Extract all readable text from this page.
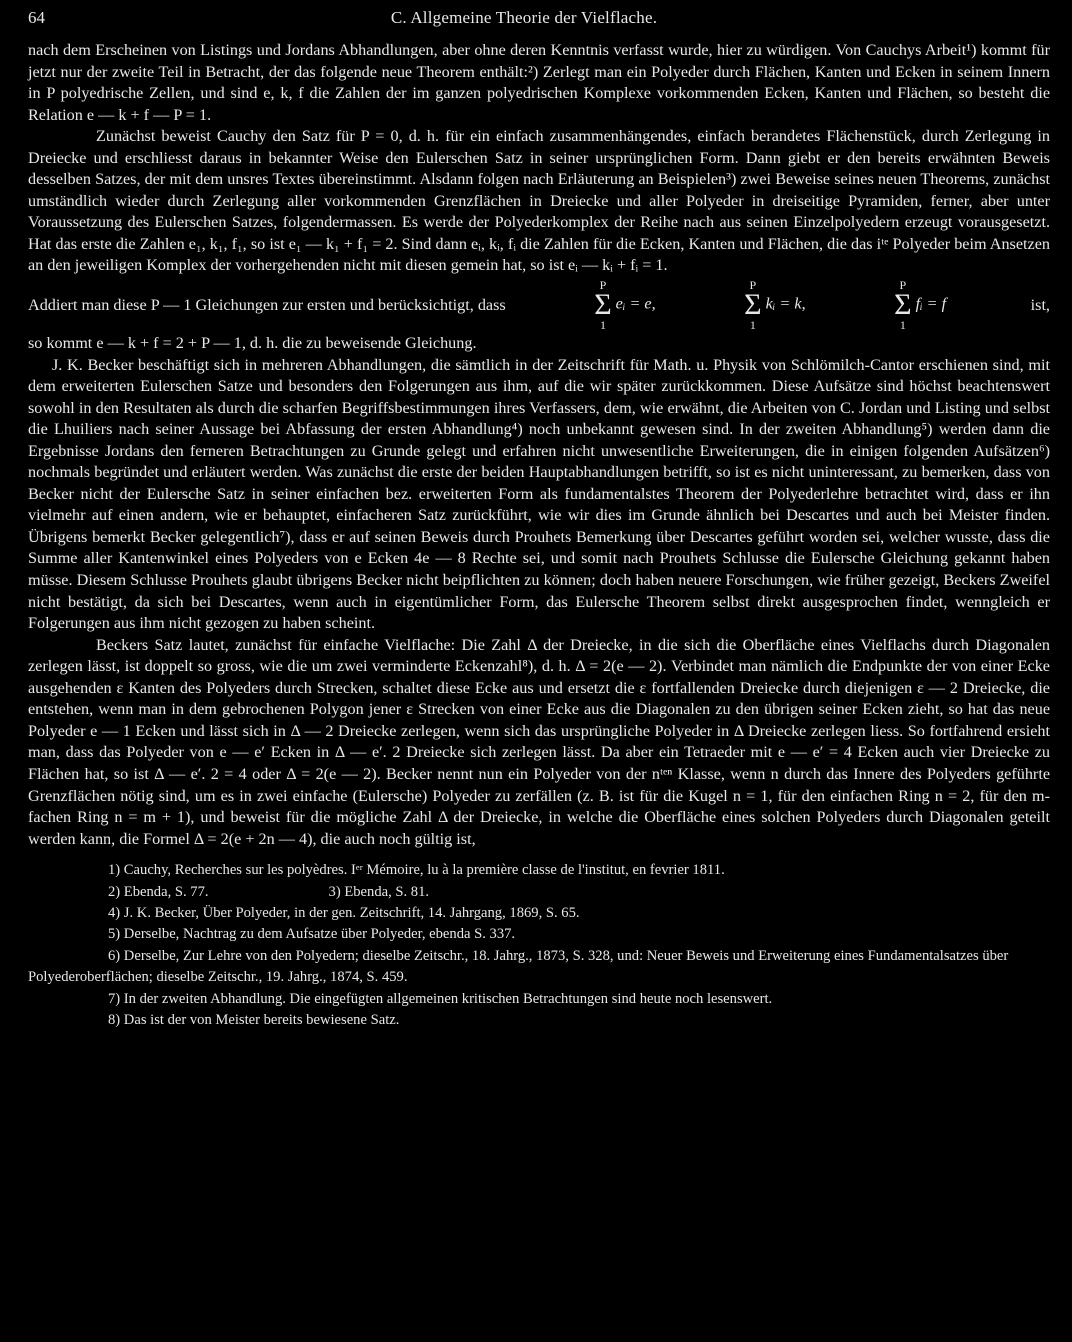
64	C. Allgemeine Theorie der Vielflache.

nach dem Erscheinen von Listings und Jordans Abhandlungen, aber ohne deren Kenntnis verfasst wurde, hier zu würdigen. Von Cauchys Arbeit¹) kommt für jetzt nur der zweite Teil in Betracht, der das folgende neue Theorem enthält:²) Zerlegt man ein Polyeder durch Flächen, Kanten und Ecken in seinem Innern in P polyedrische Zellen, und sind e, k, f die Zahlen der im ganzen polyedrischen Komplexe vorkommenden Ecken, Kanten und Flächen, so besteht die Relation e — k + f — P = 1.

Zunächst beweist Cauchy den Satz für P = 0, d. h. für ein einfach zusammenhängendes, einfach berandetes Flächenstück, durch Zerlegung in Dreiecke und erschliesst daraus in bekannter Weise den Eulerschen Satz in seiner ursprünglichen Form. Dann giebt er den bereits erwähnten Beweis desselben Satzes, der mit dem unsres Textes übereinstimmt. Alsdann folgen nach Erläuterung an Beispielen³) zwei Beweise seines neuen Theorems, zunächst umständlich wieder durch Zerlegung aller vorkommenden Grenzflächen in Dreiecke und aller Polyeder in dreiseitige Pyramiden, ferner, aber unter Voraussetzung des Eulerschen Satzes, folgendermassen. Es werde der Polyederkomplex der Reihe nach aus seinen Einzelpolyedern erzeugt vorausgesetzt. Hat das erste die Zahlen e₁, k₁, f₁, so ist e₁ — k₁ + f₁ = 2. Sind dann eᵢ, kᵢ, fᵢ die Zahlen für die Ecken, Kanten und Flächen, die das iᵗᵉ Polyeder beim Ansetzen an den jeweiligen Komplex der vorhergehenden nicht mit diesen gemein hat, so ist eᵢ — kᵢ + fᵢ = 1.

Addiert man diese P — 1 Gleichungen zur ersten und berücksichtigt, dass
P
Σ
1
eᵢ = e,
P
Σ
1
kᵢ = k,
P
Σ
1
fᵢ = f	ist,

so kommt e — k + f = 2 + P — 1, d. h. die zu beweisende Gleichung.

J. K. Becker beschäftigt sich in mehreren Abhandlungen, die sämtlich in der Zeitschrift für Math. u. Physik von Schlömilch-Cantor erschienen sind, mit dem erweiterten Eulerschen Satze und besonders den Folgerungen aus ihm, auf die wir später zurückkommen. Diese Aufsätze sind höchst beachtenswert sowohl in den Resultaten als durch die scharfen Begriffsbestimmungen ihres Verfassers, dem, wie erwähnt, die Arbeiten von C. Jordan und Listing und selbst die Lhuiliers nach seiner Aussage bei Abfassung der ersten Abhandlung⁴) noch unbekannt gewesen sind. In der zweiten Abhandlung⁵) werden dann die Ergebnisse Jordans den ferneren Betrachtungen zu Grunde gelegt und erfahren nicht unwesentliche Erweiterungen, die in einigen folgenden Aufsätzen⁶) nochmals begründet und erläutert werden. Was zunächst die erste der beiden Hauptabhandlungen betrifft, so ist es nicht uninteressant, zu bemerken, dass von Becker nicht der Eulersche Satz in seiner einfachen bez. erweiterten Form als fundamentalstes Theorem der Polyederlehre betrachtet wird, dass er ihn vielmehr auf einen andern, wie er behauptet, einfacheren Satz zurückführt, wie wir dies im Grunde ähnlich bei Descartes und auch bei Meister finden. Übrigens bemerkt Becker gelegentlich⁷), dass er auf seinen Beweis durch Prouhets Bemerkung über Descartes geführt worden sei, welcher wusste, dass die Summe aller Kantenwinkel eines Polyeders von e Ecken 4e — 8 Rechte sei, und somit nach Prouhets Schlusse die Eulersche Gleichung gekannt haben müsse. Diesem Schlusse Prouhets glaubt übrigens Becker nicht beipflichten zu können; doch haben neuere Forschungen, wie früher gezeigt, Beckers Zweifel nicht bestätigt, da sich bei Descartes, wenn auch in eigentümlicher Form, das Eulersche Theorem selbst direkt ausgesprochen findet, wenngleich er Folgerungen aus ihm nicht gezogen zu haben scheint.

Beckers Satz lautet, zunächst für einfache Vielflache: Die Zahl Δ der Dreiecke, in die sich die Oberfläche eines Vielflachs durch Diagonalen zerlegen lässt, ist doppelt so gross, wie die um zwei verminderte Eckenzahl⁸), d. h. Δ = 2(e — 2). Verbindet man nämlich die Endpunkte der von einer Ecke ausgehenden ε Kanten des Polyeders durch Strecken, schaltet diese Ecke aus und ersetzt die ε fortfallenden Dreiecke durch diejenigen ε — 2 Dreiecke, die entstehen, wenn man in dem gebrochenen Polygon jener ε Strecken von einer Ecke aus die Diagonalen zu den übrigen seiner Ecken zieht, so hat das neue Polyeder e — 1 Ecken und lässt sich in Δ — 2 Dreiecke zerlegen, wenn sich das ursprüngliche Polyeder in Δ Dreiecke zerlegen liess. So fortfahrend ersieht man, dass das Polyeder von e — e′ Ecken in Δ — e′. 2 Dreiecke sich zerlegen lässt. Da aber ein Tetraeder mit e — e′ = 4 Ecken auch vier Dreiecke zu Flächen hat, so ist Δ — e′. 2 = 4 oder Δ = 2(e — 2). Becker nennt nun ein Polyeder von der nᵗᵉⁿ Klasse, wenn n durch das Innere des Polyeders geführte Grenzflächen nötig sind, um es in zwei einfache (Eulersche) Polyeder zu zerfällen (z. B. ist für die Kugel n = 1, für den einfachen Ring n = 2, für den m-fachen Ring n = m + 1), und beweist für die mögliche Zahl Δ der Dreiecke, in welche die Oberfläche eines solchen Polyeders durch Diagonalen geteilt werden kann, die Formel Δ = 2(e + 2n — 4), die auch noch gültig ist,

1) Cauchy, Recherches sur les polyèdres. Iᵉʳ Mémoire, lu à la première classe de l'institut, en fevrier 1811.
2) Ebenda, S. 77.	3) Ebenda, S. 81.
4) J. K. Becker, Über Polyeder, in der gen. Zeitschrift, 14. Jahrgang, 1869, S. 65.
5) Derselbe, Nachtrag zu dem Aufsatze über Polyeder, ebenda S. 337.
6) Derselbe, Zur Lehre von den Polyedern; dieselbe Zeitschr., 18. Jahrg., 1873, S. 328, und: Neuer Beweis und Erweiterung eines Fundamentalsatzes über Polyederoberflächen; dieselbe Zeitschr., 19. Jahrg., 1874, S. 459.
7) In der zweiten Abhandlung. Die eingefügten allgemeinen kritischen Betrachtungen sind heute noch lesenswert.
8) Das ist der von Meister bereits bewiesene Satz.
